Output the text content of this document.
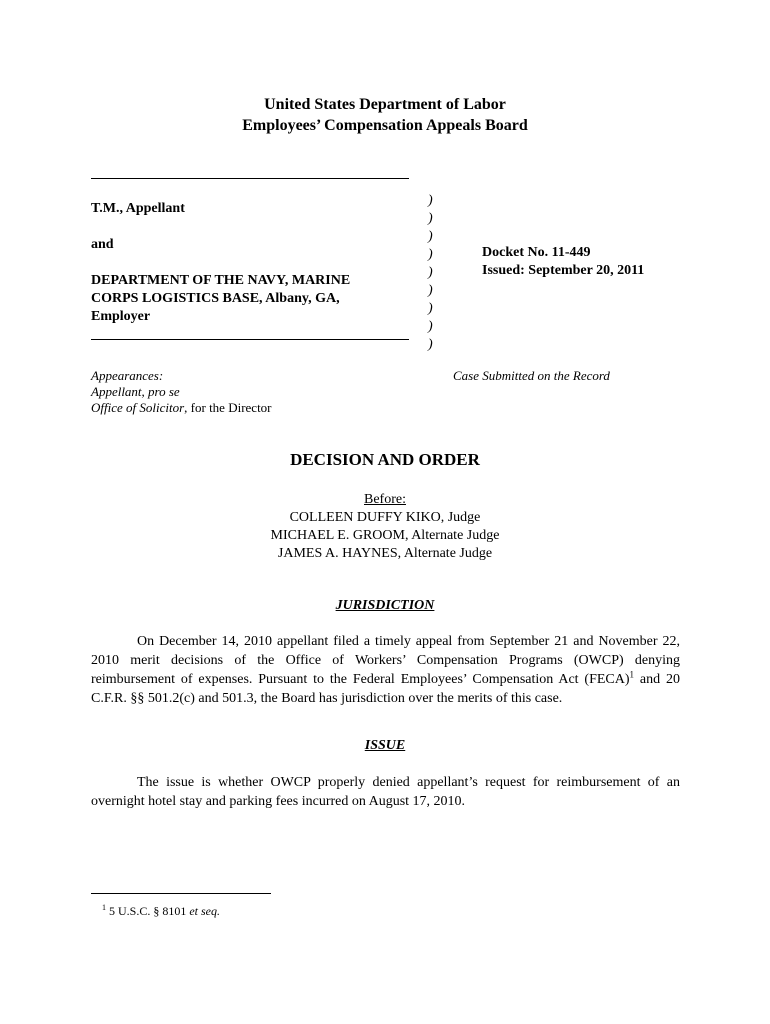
United States Department of Labor
Employees’ Compensation Appeals Board
T.M., Appellant
and
DEPARTMENT OF THE NAVY, MARINE
CORPS LOGISTICS BASE, Albany, GA,
Employer
)
)
)
)
)
)
)
)
)
Docket No. 11-449
Issued: September 20, 2011
Appearances:
Appellant, pro se
Office of Solicitor, for the Director
Case Submitted on the Record
DECISION AND ORDER
Before:
COLLEEN DUFFY KIKO, Judge
MICHAEL E. GROOM, Alternate Judge
JAMES A. HAYNES, Alternate Judge
JURISDICTION
On December 14, 2010 appellant filed a timely appeal from September 21 and November 22, 2010 merit decisions of the Office of Workers’ Compensation Programs (OWCP) denying reimbursement of expenses. Pursuant to the Federal Employees’ Compensation Act (FECA)$^1$ and 20 C.F.R. §§ 501.2(c) and 501.3, the Board has jurisdiction over the merits of this case.
ISSUE
The issue is whether OWCP properly denied appellant’s request for reimbursement of an overnight hotel stay and parking fees incurred on August 17, 2010.
$^1$ 5 U.S.C. § 8101 et seq.
